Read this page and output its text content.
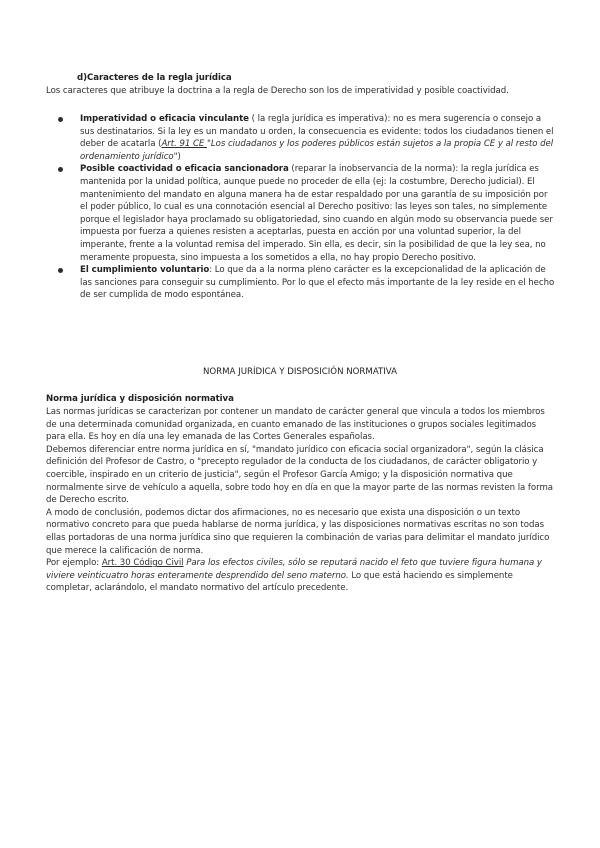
d)Caracteres de la regla jurídica
Los caracteres que atribuye la doctrina a la regla de Derecho son los de imperatividad y posible coactividad.
Imperatividad o eficacia vinculante ( la regla jurídica es imperativa): no es mera sugerencia o consejo a sus destinatarios. Si la ley es un mandato u orden, la consecuencia es evidente: todos los ciudadanos tienen el deber de acatarla (Art. 91 CE "Los ciudadanos y los poderes públicos están sujetos a la propia CE y al resto del ordenamiento jurídico")
Posible coactividad o eficacia sancionadora (reparar la inobservancia de la norma): la regla jurídica es mantenida por la unidad política, aunque puede no proceder de ella (ej: la costumbre, Derecho judicial). El mantenimiento del mandato en alguna manera ha de estar respaldado por una garantía de su imposición por el poder público, lo cual es una connotación esencial al Derecho positivo: las leyes son tales, no simplemente porque el legislador haya proclamado su obligatoriedad, sino cuando en algún modo su observancia puede ser impuesta por fuerza a quienes resisten a aceptarlas, puesta en acción por una voluntad superior, la del imperante, frente a la voluntad remisa del imperado. Sin ella, es decir, sin la posibilidad de que la ley sea, no meramente propuesta, sino impuesta a los sometidos a ella, no hay propio Derecho positivo.
El cumplimiento voluntario: Lo que da a la norma pleno carácter es la excepcionalidad de la aplicación de las sanciones para conseguir su cumplimiento. Por lo que el efecto más importante de la ley reside en el hecho de ser cumplida de modo espontánea.
NORMA JURÍDICA Y DISPOSICIÓN NORMATIVA
Norma jurídica y disposición normativa

Las normas jurídicas se caracterizan por contener un mandato de carácter general que vincula a todos los miembros de una determinada comunidad organizada, en cuanto emanado de las instituciones o grupos sociales legitimados para ella. Es hoy en día una ley emanada de las Cortes Generales españolas.

Debemos diferenciar entre norma jurídica en sí, "mandato jurídico con eficacia social organizadora", según la clásica definición del Profesor de Castro, o "precepto regulador de la conducta de los ciudadanos, de carácter obligatorio y coercible, inspirado en un criterio de justicia", según el Profesor García Amigo; y la disposición normativa que normalmente sirve de vehículo a aquella, sobre todo hoy en día en que la mayor parte de las normas revisten la forma de Derecho escrito.

A modo de conclusión, podemos dictar dos afirmaciones, no es necesario que exista una disposición o un texto normativo concreto para que pueda hablarse de norma jurídica, y las disposiciones normativas escritas no son todas ellas portadoras de una norma jurídica sino que requieren la combinación de varias para delimitar el mandato jurídico que merece la calificación de norma.

Por ejemplo: Art. 30 Código Civil Para los efectos civiles, sólo se reputará nacido el feto que tuviere figura humana y viviere veinticuatro horas enteramente desprendido del seno materno. Lo que está haciendo es simplemente completar, aclarándolo, el mandato normativo del artículo precedente.
